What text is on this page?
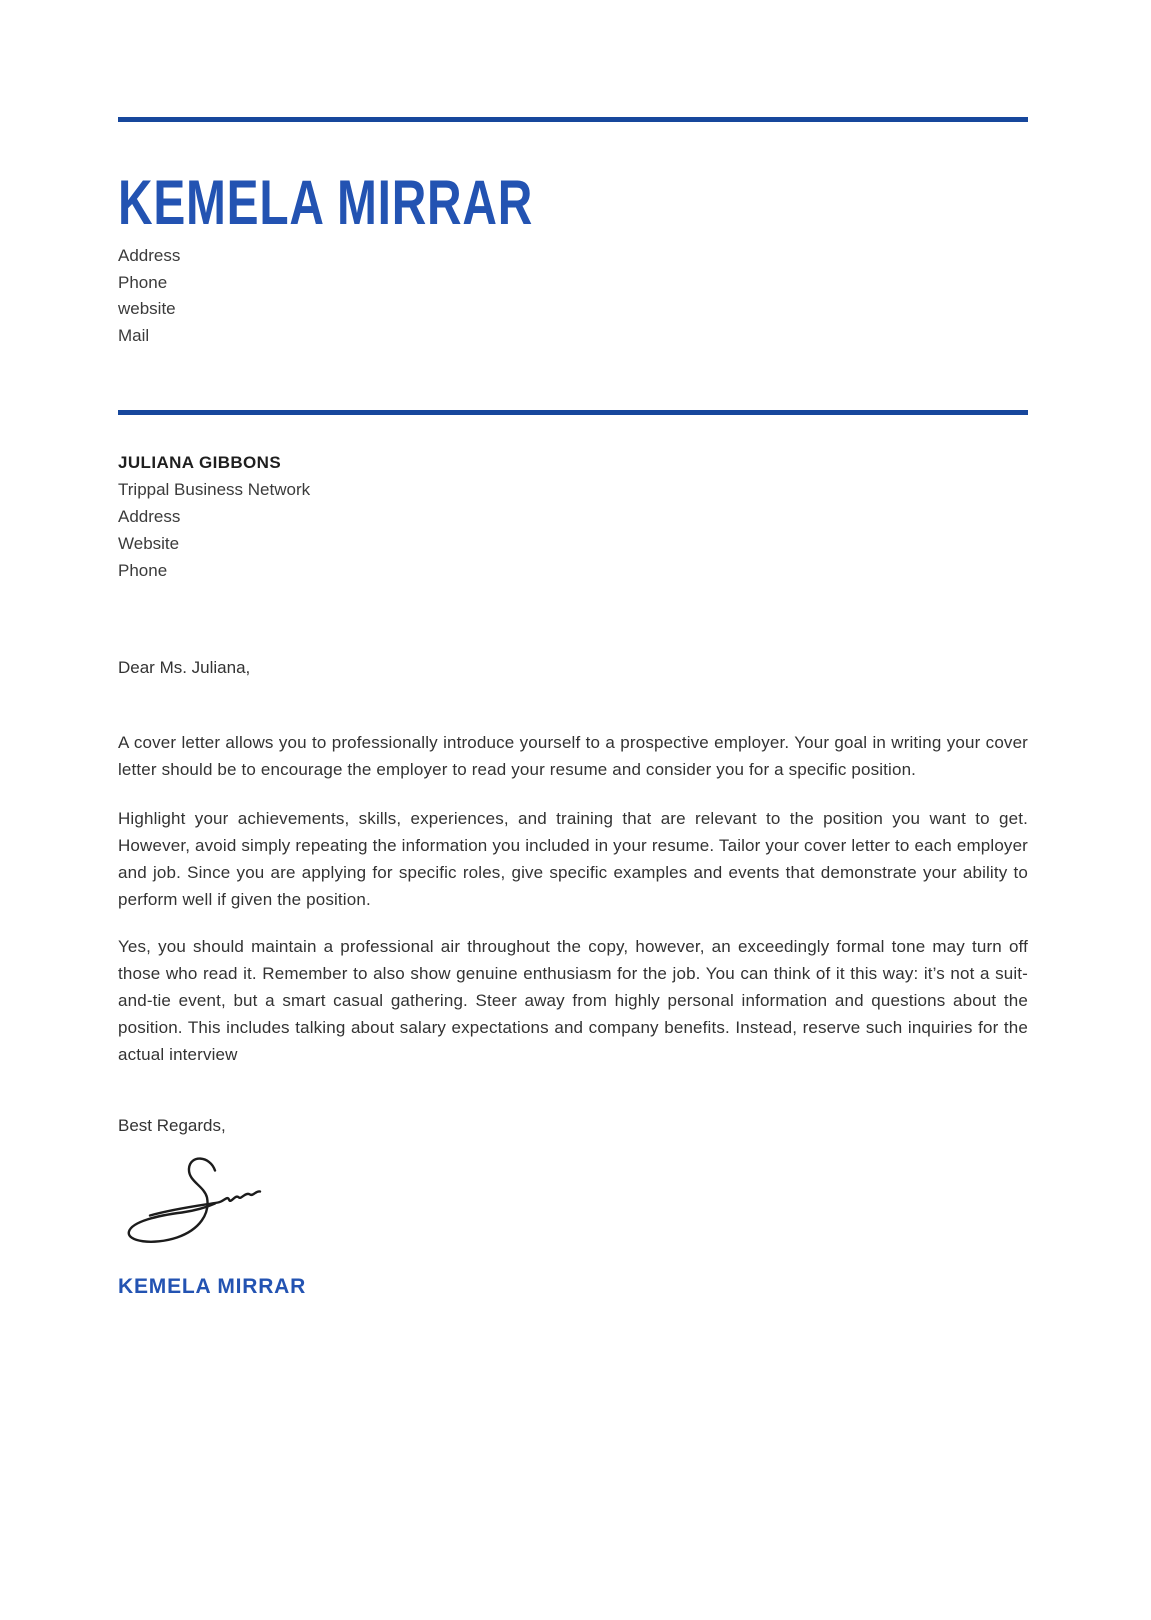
KEMELA MIRRAR
Address
Phone
website
Mail
JULIANA GIBBONS
Trippal Business Network
Address
Website
Phone

Dear Ms. Juliana,

A cover letter allows you to professionally introduce yourself to a prospective employer. Your goal in writing your cover letter should be to encourage the employer to read your resume and consider you for a specific position.

Highlight your achievements, skills, experiences, and training that are relevant to the position you want to get. However, avoid simply repeating the information you included in your resume. Tailor your cover letter to each employer and job. Since you are applying for specific roles, give specific examples and events that demonstrate your ability to perform well if given the position.

Yes, you should maintain a professional air throughout the copy, however, an exceedingly formal tone may turn off those who read it. Remember to also show genuine enthusiasm for the job. You can think of it this way: it’s not a suit-and-tie event, but a smart casual gathering. Steer away from highly personal information and questions about the position. This includes talking about salary expectations and company benefits. Instead, reserve such inquiries for the actual interview

Best Regards,

KEMELA MIRRAR
